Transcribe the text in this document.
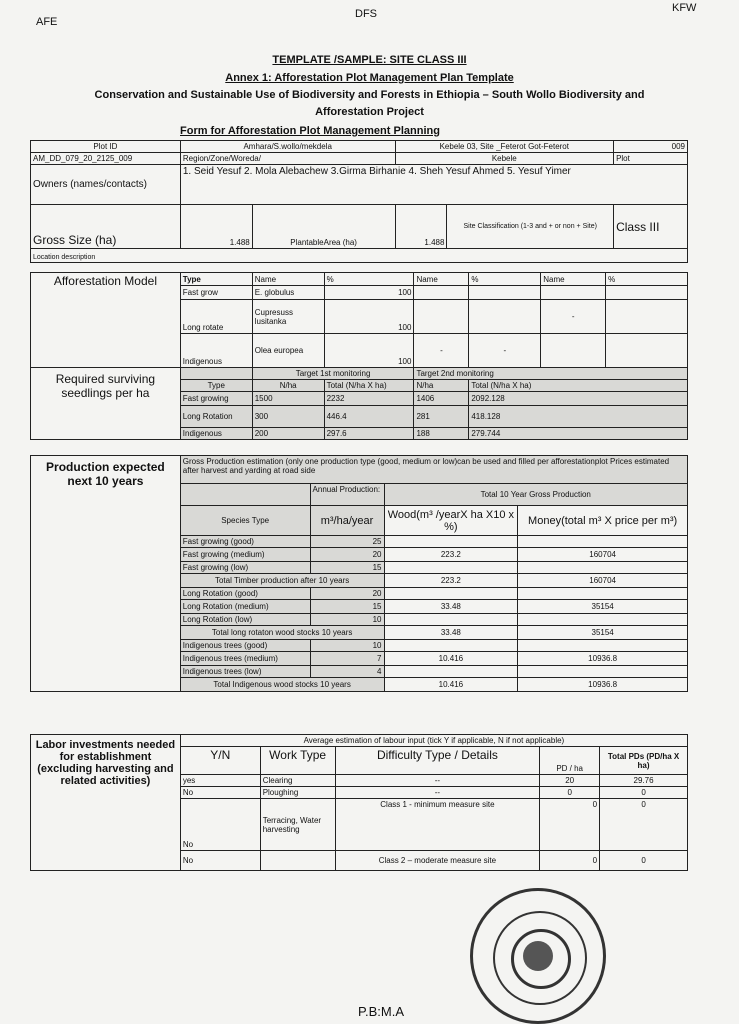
AFE
DFS	KFW
TEMPLATE /SAMPLE: SITE CLASS III
Annex 1: Afforestation Plot Management Plan Template
Conservation and Sustainable Use of Biodiversity and Forests in Ethiopia – South Wollo Biodiversity and
Afforestation Project
Form for Afforestation Plot Management Planning
Plot ID	Amhara/S.wollo/mekdela		Kebele 03, Site _Feterot Got-Feterot		009
AM_DD_079_20_2125_009	Region/Zone/Woreda/		Kebele		Plot
Owners (names/contacts)	1. Seid Yesuf 2. Mola Alebachew 3.Girma Birhanie 4. Sheh Yesuf Ahmed 5. Yesuf Yimer				
Gross Size (ha)	1.488	PlantableArea (ha)	1.488	Site Classification (1-3 and + or non + Site)	Class III
Location description					
Afforestation Model	Type	Name	%	Name	%	Name	%
	Fast grow	E. globulus	100				
	Long rotate	Cupresuss lusitanka	100			-	
	Indigenous	Olea europea	100	-	-		
Required surviving seedlings per ha		Target 1st monitoring		Target 2nd monitoring	
	Type	N/ha	Total (N/ha X ha)	N/ha	Total (N/ha X ha)
	Fast growing	1500	2232	1406	2092.128
	Long Rotation	300	446.4	281	418.128
	Indigenous	200	297.6	188	279.744
Production expected next 10 years	Gross Production estimation (only one production type (good, medium or low)can be used and filled per afforestationplot Prices estimated after harvest and yarding at road side			
		Annual Production:	Total 10 Year Gross Production	
	Species Type	m³/ha/year	Wood(m³ /yearX ha X10 x %)	Money(total m³ X price per m³)
	Fast growing (good)	25		
	Fast growing (medium)	20	223.2	160704
	Fast growing (low)	15		
	Total Timber production after 10 years		223.2	160704
	Long Rotation (good)	20		
	Long Rotation (medium)	15	33.48	35154
	Long Rotation (low)	10		
	Total long rotaton wood stocks 10 years		33.48	35154
	Indigenous trees (good)	10		
	Indigenous trees (medium)	7	10.416	10936.8
	Indigenous trees (low)	4		
	Total Indigenous wood stocks 10 years		10.416	10936.8
Labor investments needed for establishment (excluding harvesting and related activities)	Average estimation of labour input (tick Y if applicable, N if not applicable)				
	Y/N	Work Type	Difficulty Type / Details	PD / ha	Total PDs (PD/ha X ha)

	yes	Clearing	--	20	29.76
	No	Ploughing	--	0	0
	No	Terracing, Water harvesting	Class 1 - minimum measure site	0	0
	No		Class 2 – moderate measure site	0	0
P.B:M.A
